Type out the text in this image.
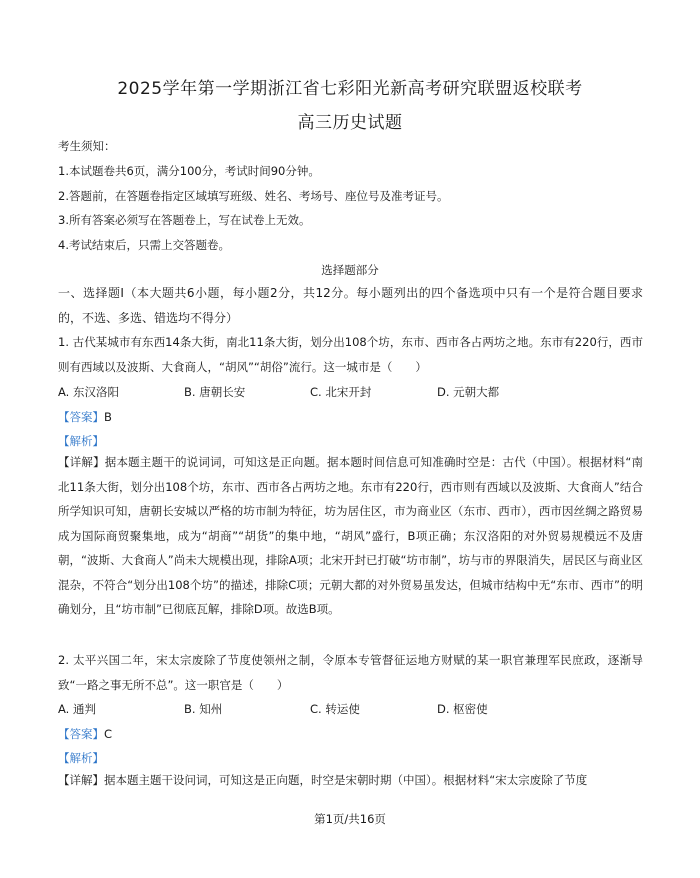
2025学年第一学期浙江省七彩阳光新高考研究联盟返校联考
高三历史试题
考生须知：
1.本试题卷共6页，满分100分，考试时间90分钟。
2.答题前，在答题卷指定区域填写班级、姓名、考场号、座位号及准考证号。
3.所有答案必须写在答题卷上，写在试卷上无效。
4.考试结束后，只需上交答题卷。
选择题部分
一、选择题Ⅰ（本大题共6小题，每小题2分，共12分。每小题列出的四个备选项中只有一个是符合题目要求的，不选、多选、错选均不得分）
1. 古代某城市有东西14条大街，南北11条大街，划分出108个坊，东市、西市各占两坊之地。东市有220行，西市则有西域以及波斯、大食商人，“胡风”“胡俗”流行。这一城市是（　　）
A. 东汉洛阳	B. 唐朝长安	C. 北宋开封	D. 元朝大都
【答案】B
【解析】
【详解】据本题主题干的说词词，可知这是正向题。据本题时间信息可知准确时空是：古代（中国）。根据材料“南北11条大街，划分出108个坊，东市、西市各占两坊之地。东市有220行，西市则有西域以及波斯、大食商人”结合所学知识可知，唐朝长安城以严格的坊市制为特征，坊为居住区，市为商业区（东市、西市），西市因丝绸之路贸易成为国际商贸聚集地，成为“胡商”“胡货”的集中地，“胡风”盛行，B项正确；东汉洛阳的对外贸易规模远不及唐朝，“波斯、大食商人”尚未大规模出现，排除A项；北宋开封已打破“坊市制”，坊与市的界限消失，居民区与商业区混杂，不符合“划分出108个坊”的描述，排除C项；元朝大都的对外贸易虽发达，但城市结构中无“东市、西市”的明确划分，且“坊市制”已彻底瓦解，排除D项。故选B项。
2. 太平兴国二年，宋太宗废除了节度使领州之制，令原本专管督征运地方财赋的某一职官兼理军民庶政，逐渐导致“一路之事无所不总”。这一职官是（　　）
A. 通判	B. 知州	C. 转运使	D. 枢密使
【答案】C
【解析】
【详解】据本题主题干设问词，可知这是正向题，时空是宋朝时期（中国）。根据材料“宋太宗废除了节度
第1页/共16页
